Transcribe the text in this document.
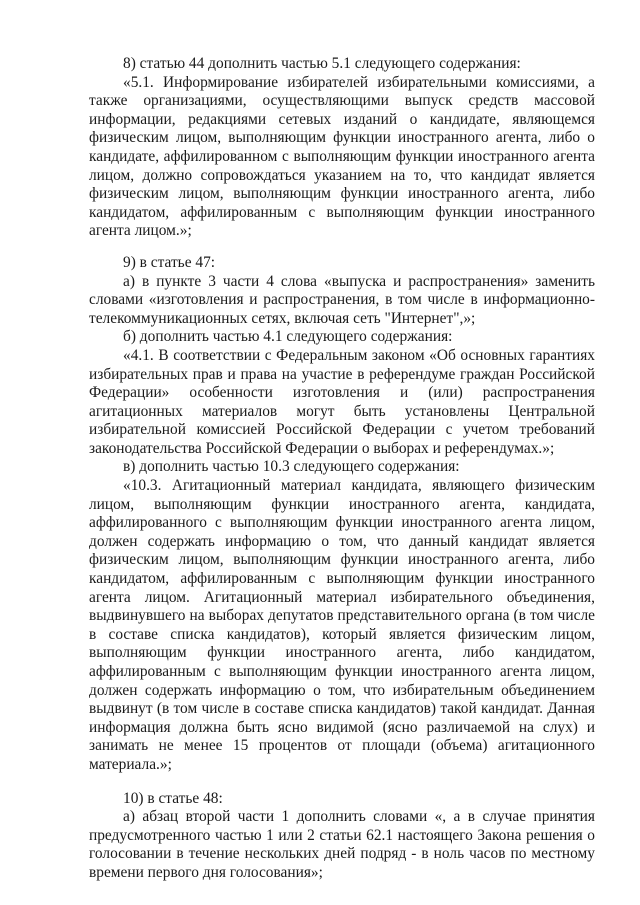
8) статью 44 дополнить частью 5.1 следующего содержания:

«5.1. Информирование избирателей избирательными комиссиями, а также организациями, осуществляющими выпуск средств массовой информации, редакциями сетевых изданий о кандидате, являющемся физическим лицом, выполняющим функции иностранного агента, либо о кандидате, аффилированном с выполняющим функции иностранного агента лицом, должно сопровождаться указанием на то, что кандидат является физическим лицом, выполняющим функции иностранного агента, либо кандидатом, аффилированным с выполняющим функции иностранного агента лицом.»;

9) в статье 47:

а) в пункте 3 части 4 слова «выпуска и распространения» заменить словами «изготовления и распространения, в том числе в информационно-телекоммуникационных сетях, включая сеть "Интернет",»;

б) дополнить частью 4.1 следующего содержания:

«4.1. В соответствии с Федеральным законом «Об основных гарантиях избирательных прав и права на участие в референдуме граждан Российской Федерации» особенности изготовления и (или) распространения агитационных материалов могут быть установлены Центральной избирательной комиссией Российской Федерации с учетом требований законодательства Российской Федерации о выборах и референдумах.»;

в) дополнить частью 10.3 следующего содержания:

«10.3. Агитационный материал кандидата, являющего физическим лицом, выполняющим функции иностранного агента, кандидата, аффилированного с выполняющим функции иностранного агента лицом, должен содержать информацию о том, что данный кандидат является физическим лицом, выполняющим функции иностранного агента, либо кандидатом, аффилированным с выполняющим функции иностранного агента лицом. Агитационный материал избирательного объединения, выдвинувшего на выборах депутатов представительного органа (в том числе в составе списка кандидатов), который является физическим лицом, выполняющим функции иностранного агента, либо кандидатом, аффилированным с выполняющим функции иностранного агента лицом, должен содержать информацию о том, что избирательным объединением выдвинут (в том числе в составе списка кандидатов) такой кандидат. Данная информация должна быть ясно видимой (ясно различаемой на слух) и занимать не менее 15 процентов от площади (объема) агитационного материала.»;

10) в статье 48:

а) абзац второй части 1 дополнить словами «, а в случае принятия предусмотренного частью 1 или 2 статьи 62.1 настоящего Закона решения о голосовании в течение нескольких дней подряд - в ноль часов по местному времени первого дня голосования»;
